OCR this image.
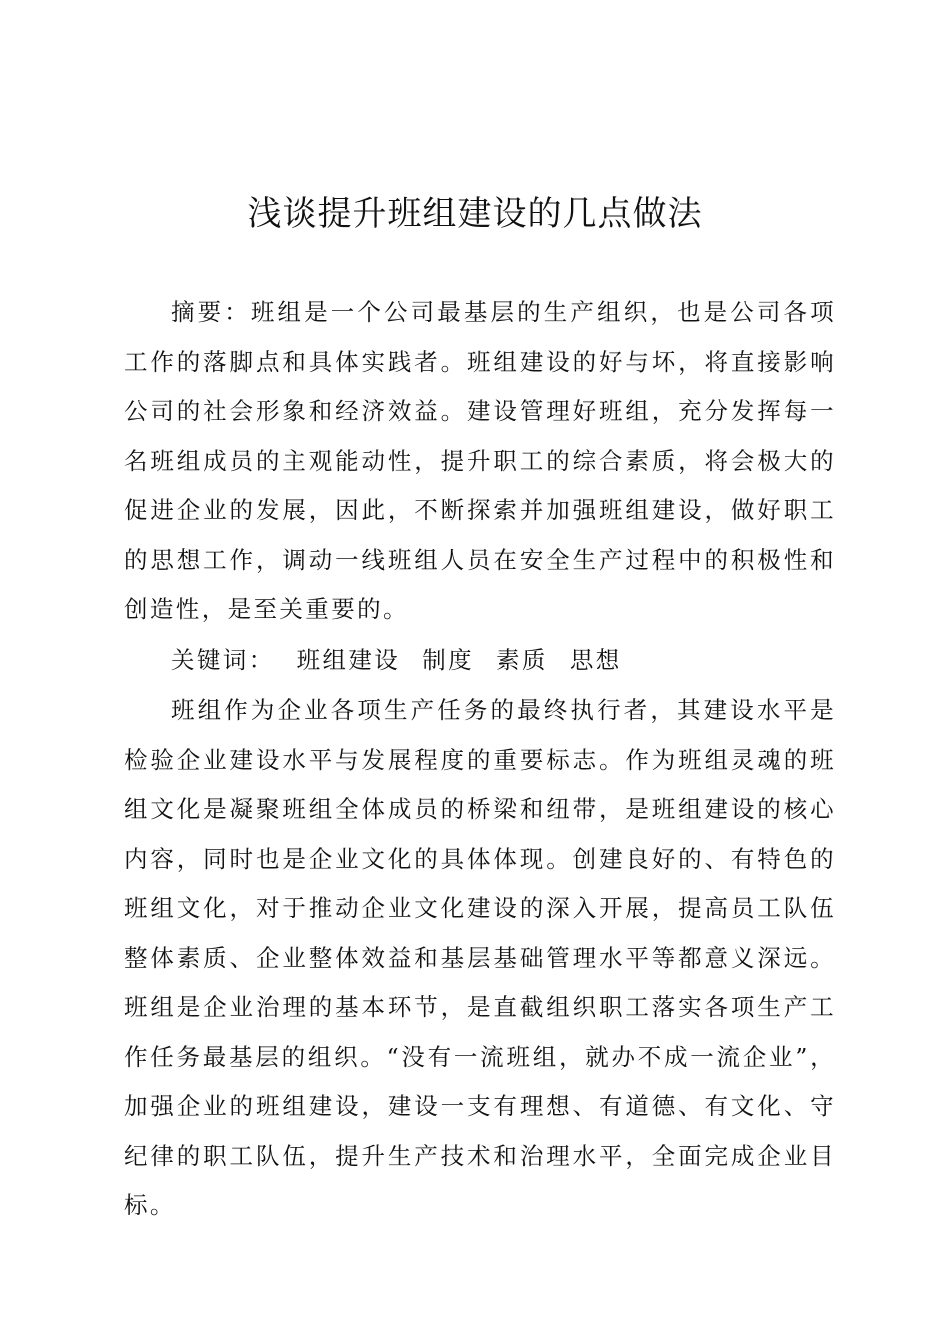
浅谈提升班组建设的几点做法

摘要：班组是一个公司最基层的生产组织，也是公司各项工作的落脚点和具体实践者。班组建设的好与坏，将直接影响公司的社会形象和经济效益。建设管理好班组，充分发挥每一名班组成员的主观能动性，提升职工的综合素质，将会极大的促进企业的发展，因此，不断探索并加强班组建设，做好职工的思想工作，调动一线班组人员在安全生产过程中的积极性和创造性，是至关重要的。

关键词： 班组建设 制度 素质 思想

班组作为企业各项生产任务的最终执行者，其建设水平是检验企业建设水平与发展程度的重要标志。作为班组灵魂的班组文化是凝聚班组全体成员的桥梁和纽带，是班组建设的核心内容，同时也是企业文化的具体体现。创建良好的、有特色的班组文化，对于推动企业文化建设的深入开展，提高员工队伍整体素质、企业整体效益和基层基础管理水平等都意义深远。班组是企业治理的基本环节，是直截组织职工落实各项生产工作任务最基层的组织。“没有一流班组，就办不成一流企业”，加强企业的班组建设，建设一支有理想、有道德、有文化、守纪律的职工队伍，提升生产技术和治理水平，全面完成企业目标。
